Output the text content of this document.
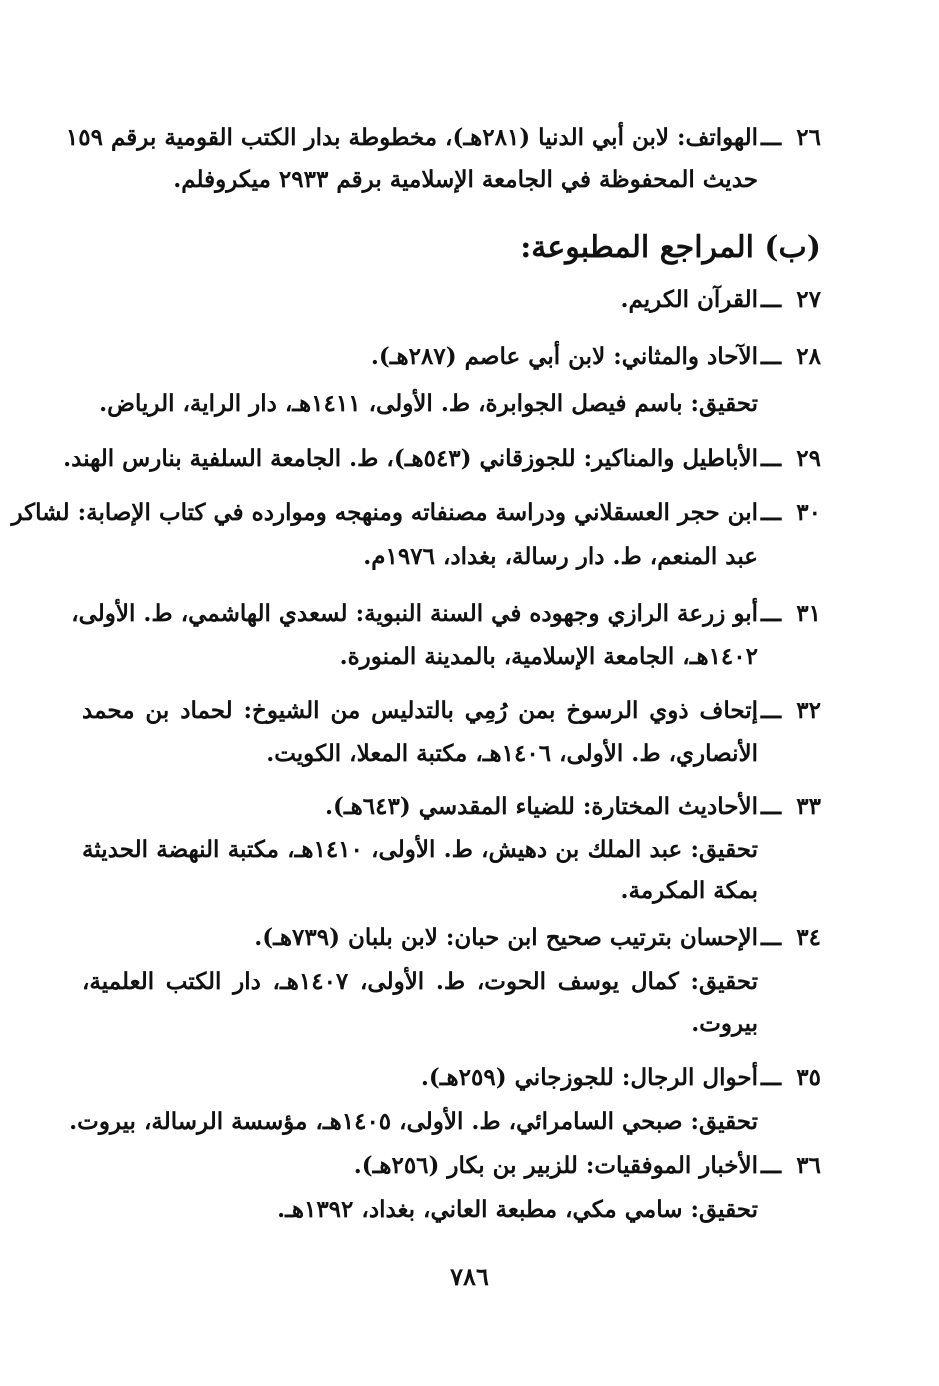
٢٦
ـــ
الهواتف: لابن أبي الدنيا (٢٨١هـ)، مخطوطة بدار الكتب القومية برقم ١٥٩
حديث المحفوظة في الجامعة الإسلامية برقم ٢٩٣٣ ميكروفلم.
(ب) المراجع المطبوعة:
٢٧
ـــ
القرآن الكريم.
٢٨
ـــ
الآحاد والمثاني: لابن أبي عاصم (٢٨٧هـ).
تحقيق: باسم فيصل الجوابرة، ط. الأولى، ١٤١١هـ، دار الراية، الرياض.
٢٩
ـــ
الأباطيل والمناكير: للجوزقاني (٥٤٣هـ)، ط. الجامعة السلفية بنارس الهند.
٣٠
ـــ
ابن حجر العسقلاني ودراسة مصنفاته ومنهجه وموارده في كتاب الإصابة: لشاكر
عبد المنعم، ط. دار رسالة، بغداد، ١٩٧٦م.
٣١
ـــ
أبو زرعة الرازي وجهوده في السنة النبوية: لسعدي الهاشمي، ط. الأولى،
١٤٠٢هـ، الجامعة الإسلامية، بالمدينة المنورة.
٣٢
ـــ
إتحاف ذوي الرسوخ بمن رُمِي بالتدليس من الشيوخ: لحماد بن محمد
الأنصاري، ط. الأولى، ١٤٠٦هـ، مكتبة المعلا، الكويت.
٣٣
ـــ
الأحاديث المختارة: للضياء المقدسي (٦٤٣هـ).
تحقيق: عبد الملك بن دهيش، ط. الأولى، ١٤١٠هـ، مكتبة النهضة الحديثة
بمكة المكرمة.
٣٤
ـــ
الإحسان بترتيب صحيح ابن حبان: لابن بلبان (٧٣٩هـ).
تحقيق: كمال يوسف الحوت، ط. الأولى، ١٤٠٧هـ، دار الكتب العلمية،
بيروت.
٣٥
ـــ
أحوال الرجال: للجوزجاني (٢٥٩هـ).
تحقيق: صبحي السامرائي، ط. الأولى، ١٤٠٥هـ، مؤسسة الرسالة، بيروت.
٣٦
ـــ
الأخبار الموفقيات: للزبير بن بكار (٢٥٦هـ).
تحقيق: سامي مكي، مطبعة العاني، بغداد، ١٣٩٢هـ.
٧٨٦
